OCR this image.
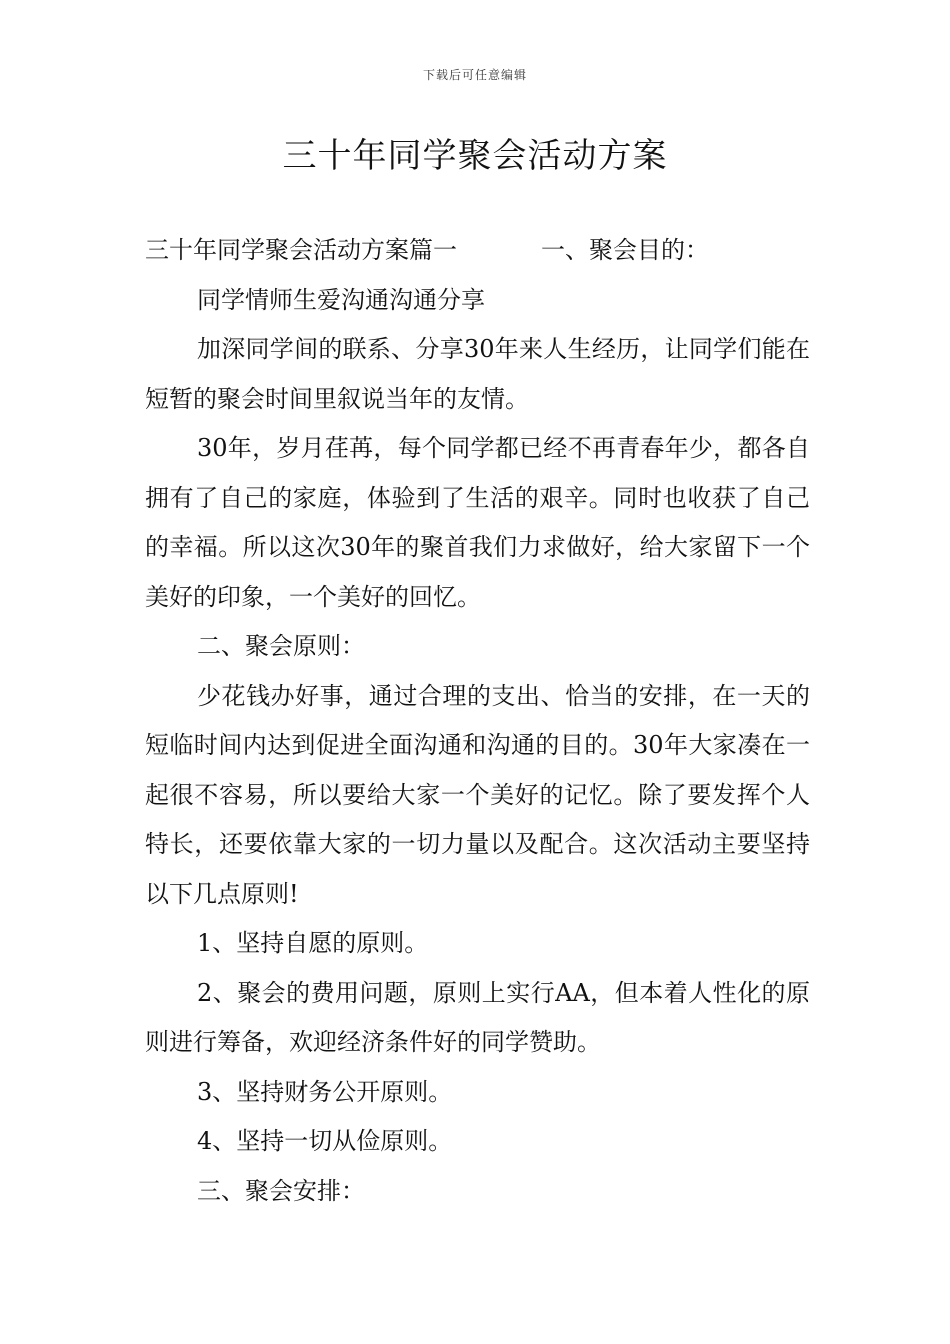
下载后可任意编辑
三十年同学聚会活动方案

三十年同学聚会活动方案篇一	一、聚会目的：

同学情师生爱沟通沟通分享

加深同学间的联系、分享30年来人生经历，让同学们能在短暂的聚会时间里叙说当年的友情。

30年，岁月荏苒，每个同学都已经不再青春年少，都各自拥有了自己的家庭，体验到了生活的艰辛。同时也收获了自己的幸福。所以这次30年的聚首我们力求做好，给大家留下一个美好的印象，一个美好的回忆。

二、聚会原则：

少花钱办好事，通过合理的支出、恰当的安排，在一天的短临时间内达到促进全面沟通和沟通的目的。30年大家凑在一起很不容易，所以要给大家一个美好的记忆。除了要发挥个人特长，还要依靠大家的一切力量以及配合。这次活动主要坚持以下几点原则!

1、坚持自愿的原则。

2、聚会的费用问题，原则上实行AA，但本着人性化的原则进行筹备，欢迎经济条件好的同学赞助。

3、坚持财务公开原则。

4、坚持一切从俭原则。

三、聚会安排：
